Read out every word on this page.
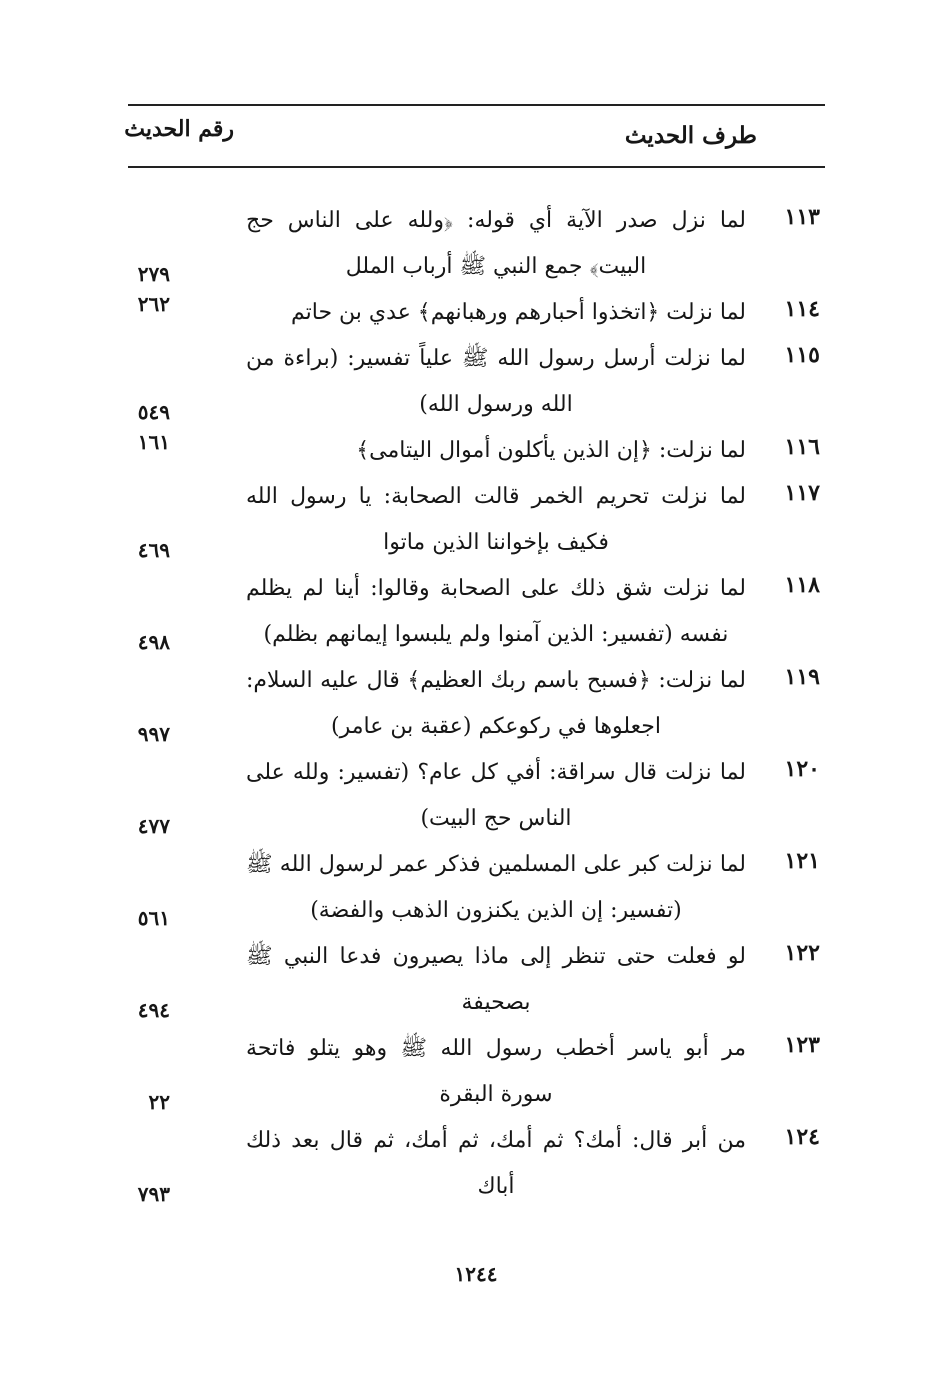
طرف الحديث
رقم الحديث
١١٣
لما نزل صدر الآية أي قوله: ﴿ولله على الناس حج البيت﴾ جمع النبي ﷺ أرباب الملل
٢٧٩
١١٤
لما نزلت ﴿اتخذوا أحبارهم ورهبانهم﴾ عدي بن حاتم
٢٦٢
١١٥
لما نزلت أرسل رسول الله ﷺ علياً تفسير: (براءة من الله ورسول الله)
٥٤٩
١١٦
لما نزلت: ﴿إن الذين يأكلون أموال اليتامى﴾
١٦١
١١٧
لما نزلت تحريم الخمر قالت الصحابة: يا رسول الله فكيف بإخواننا الذين ماتوا
٤٦٩
١١٨
لما نزلت شق ذلك على الصحابة وقالوا: أينا لم يظلم نفسه (تفسير: الذين آمنوا ولم يلبسوا إيمانهم بظلم)
٤٩٨
١١٩
لما نزلت: ﴿فسبح باسم ربك العظيم﴾ قال عليه السلام: اجعلوها في ركوعكم (عقبة بن عامر)
٩٩٧
١٢٠
لما نزلت قال سراقة: أفي كل عام؟ (تفسير: ولله على الناس حج البيت)
٤٧٧
١٢١
لما نزلت كبر على المسلمين فذكر عمر لرسول الله ﷺ (تفسير: إن الذين يكنزون الذهب والفضة)
٥٦١
١٢٢
لو فعلت حتى تنظر إلى ماذا يصيرون فدعا النبي ﷺ بصحيفة
٤٩٤
١٢٣
مر أبو ياسر أخطب رسول الله ﷺ وهو يتلو فاتحة سورة البقرة
٢٢
١٢٤
من أبر قال: أمك؟ ثم أمك، ثم أمك، ثم قال بعد ذلك أباك
٧٩٣
١٢٤٤
